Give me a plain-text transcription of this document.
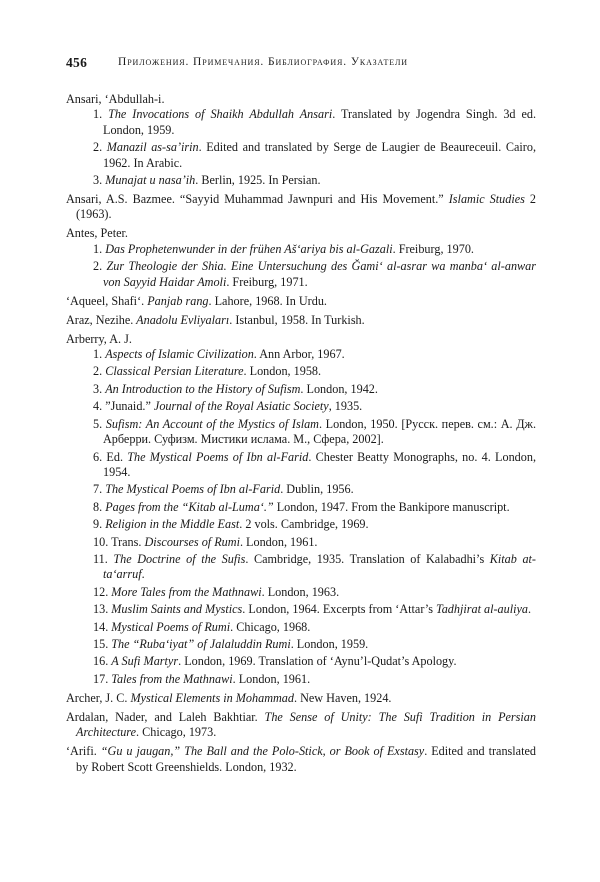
456	Приложения. Примечания. Библиография. Указатели
Ansari, ‘Abdullah-i.
1. The Invocations of Shaikh Abdullah Ansari. Translated by Jogendra Singh. 3d ed. London, 1959.
2. Manazil as-sa’irin. Edited and translated by Serge de Laugier de Beaureceuil. Cairo, 1962. In Arabic.
3. Munajat u nasa’ih. Berlin, 1925. In Persian.
Ansari, A.S. Bazmee. “Sayyid Muhammad Jawnpuri and His Movement.” Islamic Studies 2 (1963).
Antes, Peter.
1. Das Prophetenwunder in der frühen Aš‘ariya bis al-Gazali. Freiburg, 1970.
2. Zur Theologie der Shia. Eine Untersuchung des Ğami‘ al-asrar wa manba‘ al-anwar von Sayyid Haidar Amoli. Freiburg, 1971.
‘Aqueel, Shafi‘. Panjab rang. Lahore, 1968. In Urdu.
Araz, Nezihe. Anadolu Evliyaları. Istanbul, 1958. In Turkish.
Arberry, A. J.
1. Aspects of Islamic Civilization. Ann Arbor, 1967.
2. Classical Persian Literature. London, 1958.
3. An Introduction to the History of Sufism. London, 1942.
4. ”Junaid.” Journal of the Royal Asiatic Society, 1935.
5. Sufism: An Account of the Mystics of Islam. London, 1950. [Русск. перев. см.: А. Дж. Арберри. Суфизм. Мистики ислама. М., Сфера, 2002].
6. Ed. The Mystical Poems of Ibn al-Farid. Chester Beatty Monographs, no. 4. London, 1954.
7. The Mystical Poems of Ibn al-Farid. Dublin, 1956.
8. Pages from the “Kitab al-Luma‘.” London, 1947. From the Bankipore manuscript.
9. Religion in the Middle East. 2 vols. Cambridge, 1969.
10. Trans. Discourses of Rumi. London, 1961.
11. The Doctrine of the Sufis. Cambridge, 1935. Translation of Kalabadhi’s Kitab at-ta‘arruf.
12. More Tales from the Mathnawi. London, 1963.
13. Muslim Saints and Mystics. London, 1964. Excerpts from ‘Attar’s Tadhjirat al-auliya.
14. Mystical Poems of Rumi. Chicago, 1968.
15. The “Ruba‘iyat” of Jalaluddin Rumi. London, 1959.
16. A Sufi Martyr. London, 1969. Translation of ‘Aynu’l-Qudat’s Apology.
17. Tales from the Mathnawi. London, 1961.
Archer, J. C. Mystical Elements in Mohammad. New Haven, 1924.
Ardalan, Nader, and Laleh Bakhtiar. The Sense of Unity: The Sufi Tradition in Persian Architecture. Chicago, 1973.
‘Arifi. “Gu u jaugan,” The Ball and the Polo-Stick, or Book of Exstasy. Edited and translated by Robert Scott Greenshields. London, 1932.
